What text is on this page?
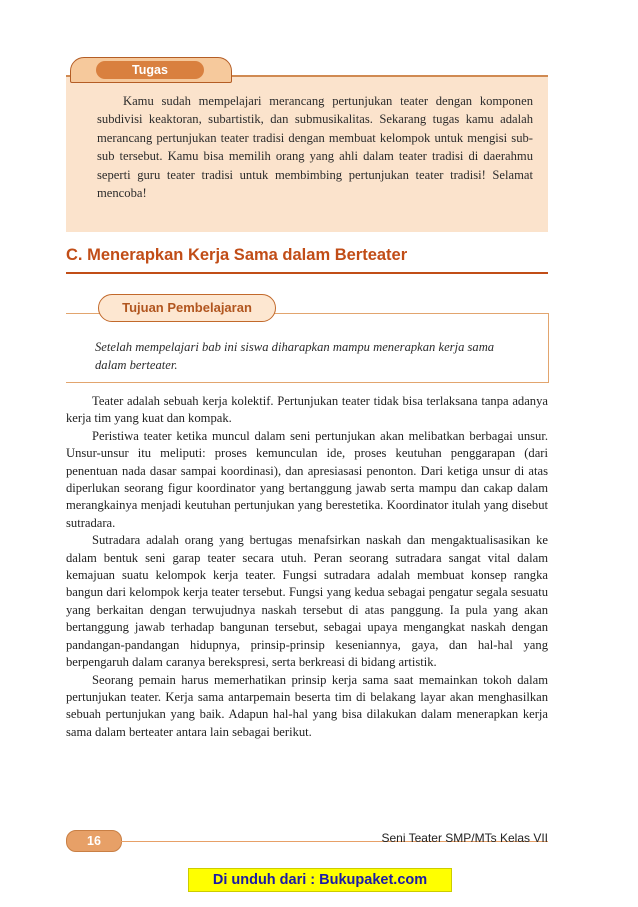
Tugas

Kamu sudah mempelajari merancang pertunjukan teater dengan komponen subdivisi keaktoran, subartistik, dan submusikalitas. Sekarang tugas kamu adalah merancang pertunjukan teater tradisi dengan membuat kelompok untuk mengisi sub-sub tersebut. Kamu bisa memilih orang yang ahli dalam teater tradisi di daerahmu seperti guru teater tradisi untuk membimbing pertunjukan teater tradisi! Selamat mencoba!

C. Menerapkan Kerja Sama dalam Berteater
Tujuan Pembelajaran

Setelah mempelajari bab ini siswa diharapkan mampu menerapkan kerja sama dalam berteater.

Teater adalah sebuah kerja kolektif. Pertunjukan teater tidak bisa terlaksana tanpa adanya kerja tim yang kuat dan kompak.

Peristiwa teater ketika muncul dalam seni pertunjukan akan melibatkan berbagai unsur. Unsur-unsur itu meliputi: proses kemunculan ide, proses keutuhan penggarapan (dari penentuan nada dasar sampai koordinasi), dan apresiasasi penonton. Dari ketiga unsur di atas diperlukan seorang figur koordinator yang bertanggung jawab serta mampu dan cakap dalam merangkainya menjadi keutuhan pertunjukan yang berestetika. Koordinator itulah yang disebut sutradara.

Sutradara adalah orang yang bertugas menafsirkan naskah dan mengaktualisasikan ke dalam bentuk seni garap teater secara utuh. Peran seorang sutradara sangat vital dalam kemajuan suatu kelompok kerja teater. Fungsi sutradara adalah membuat konsep rangka bangun dari kelompok kerja teater tersebut. Fungsi yang kedua sebagai pengatur segala sesuatu yang berkaitan dengan terwujudnya naskah tersebut di atas panggung. Ia pula yang akan bertanggung jawab terhadap bangunan tersebut, sebagai upaya mengangkat naskah dengan pandangan-pandangan hidupnya, prinsip-prinsip keseniannya, gaya, dan hal-hal yang berpengaruh dalam caranya berekspresi, serta berkreasi di bidang artistik.

Seorang pemain harus memerhatikan prinsip kerja sama saat memainkan tokoh dalam pertunjukan teater. Kerja sama antarpemain beserta tim di belakang layar akan menghasilkan sebuah pertunjukan yang baik. Adapun hal-hal yang bisa dilakukan dalam menerapkan kerja sama dalam berteater antara lain sebagai berikut.

16	Seni Teater SMP/MTs Kelas VII
Di unduh dari : Bukupaket.com
